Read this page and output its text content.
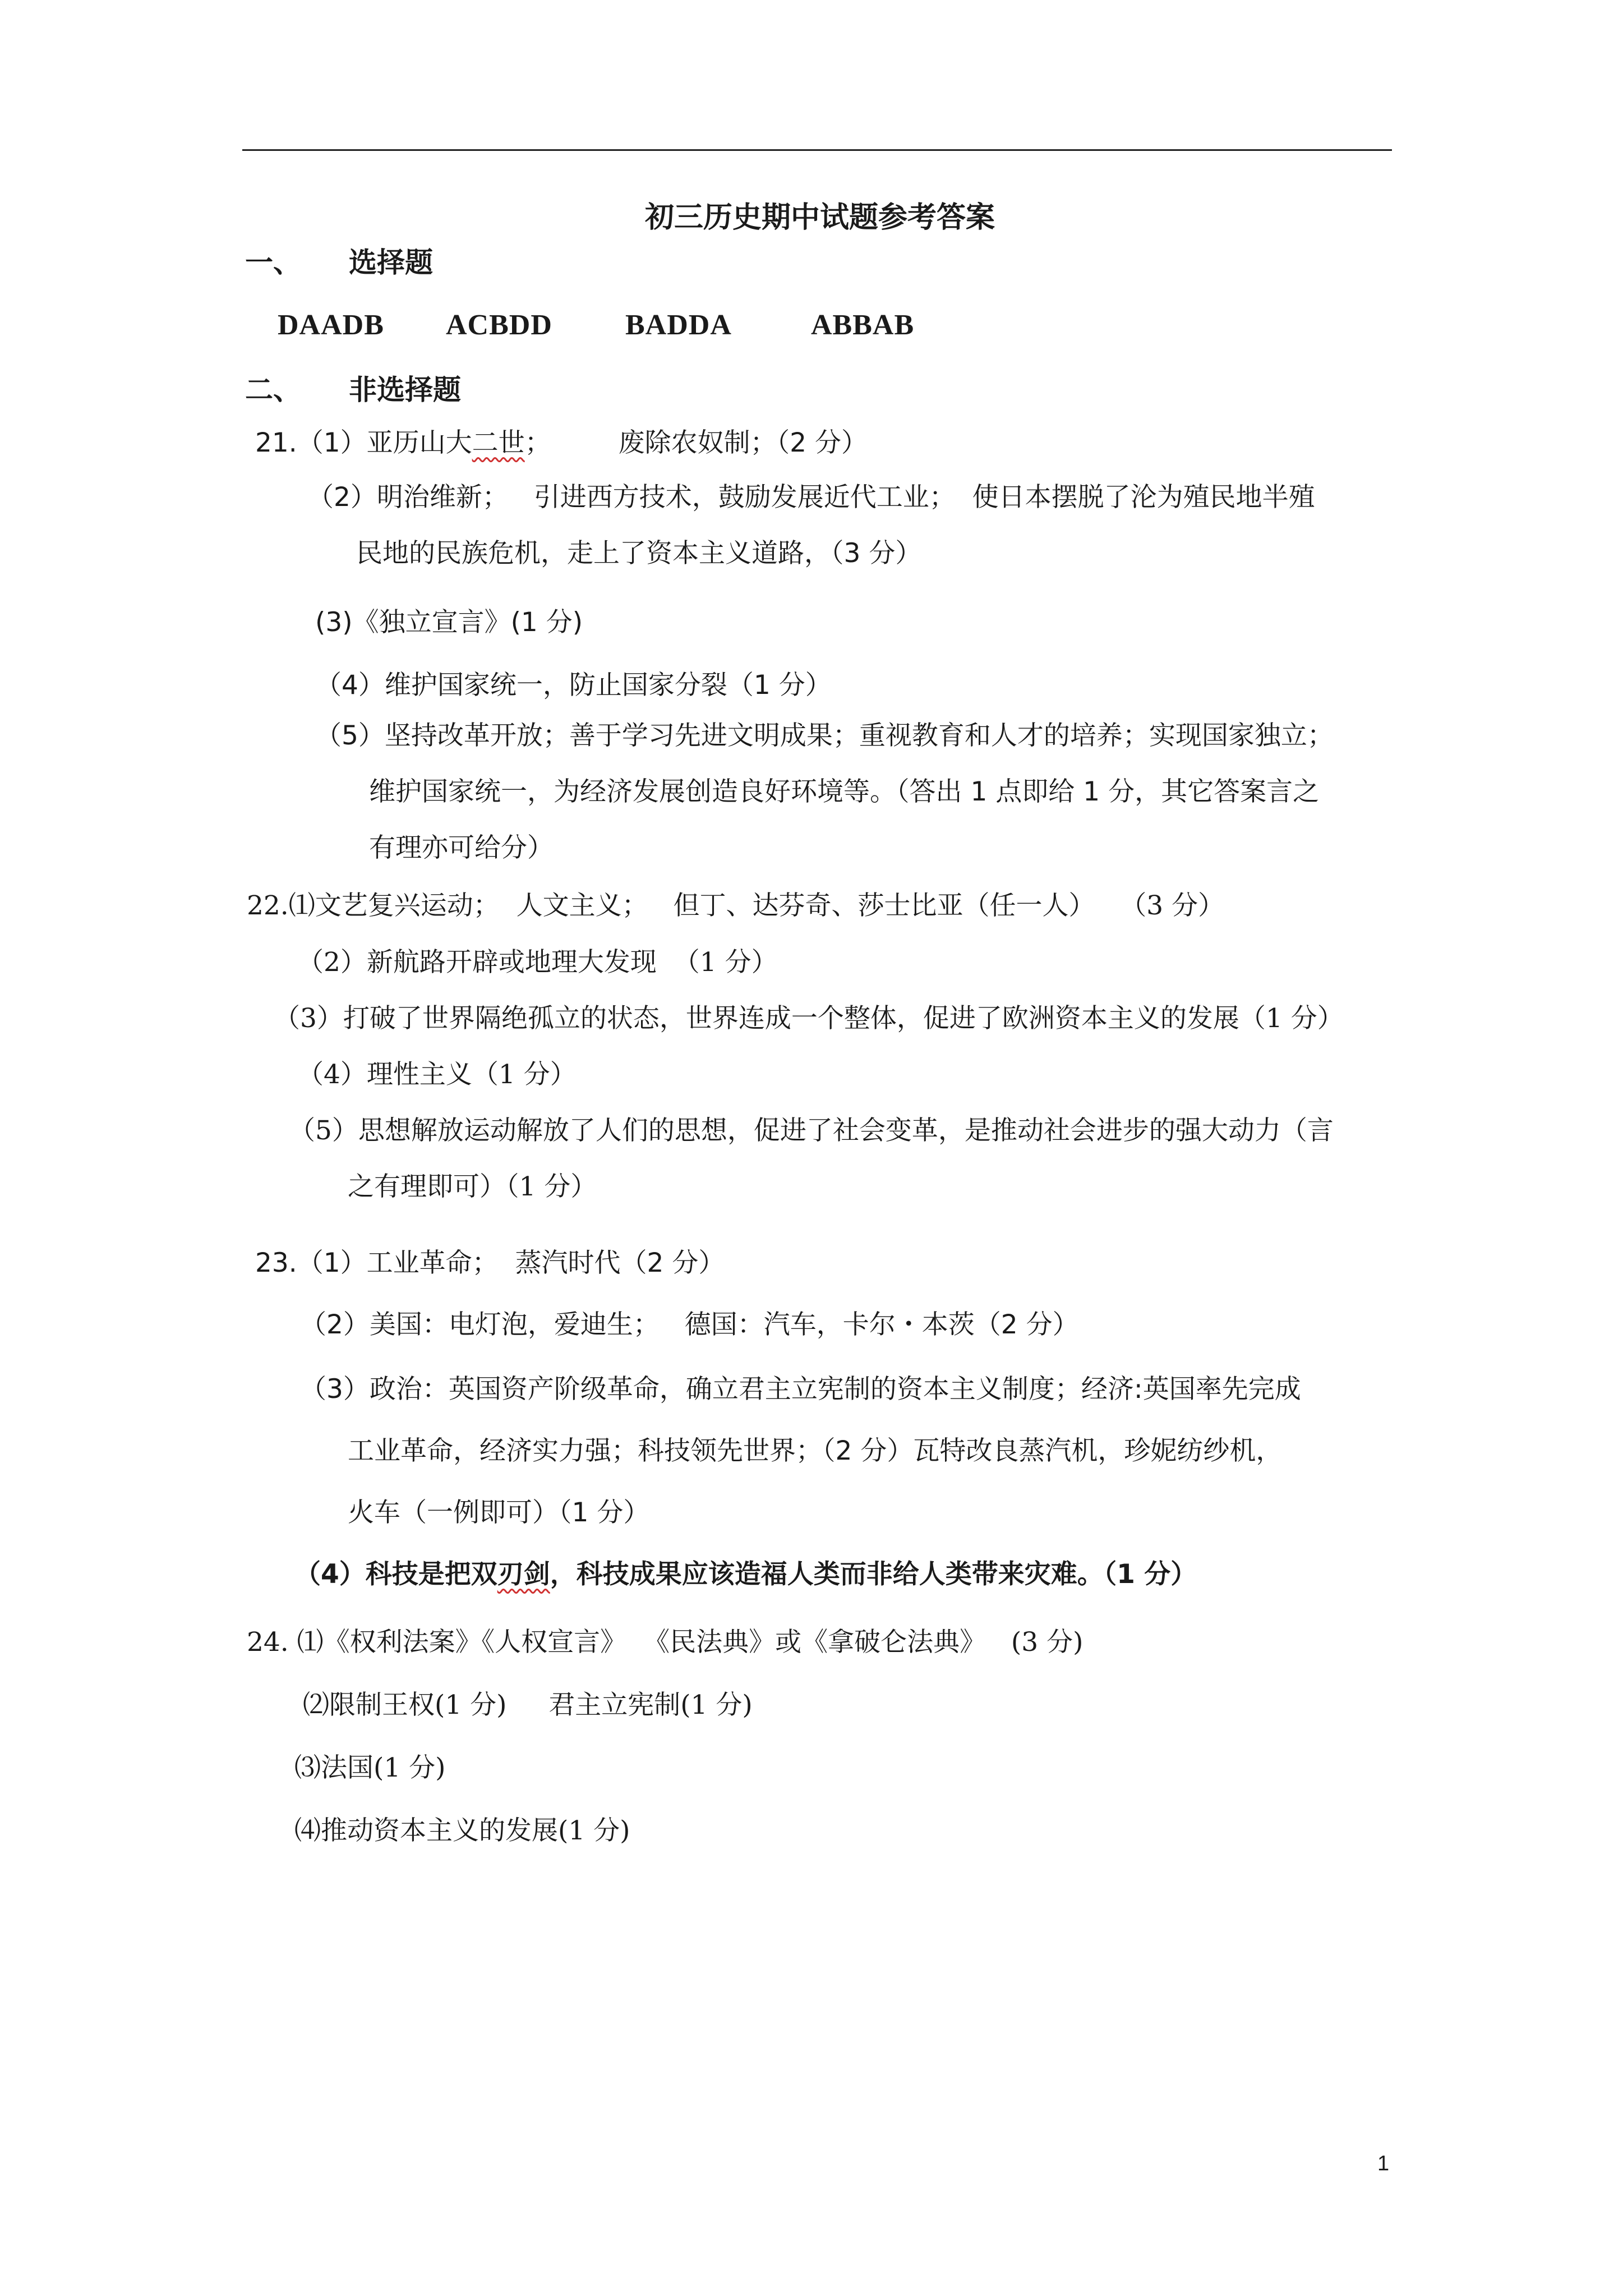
初三历史期中试题参考答案
一、 选择题
DAADB ACBDD	BADDA	ABBAB
二、 非选择题
21.（1）亚历山大二世；	废除农奴制；（2 分）
（2）明治维新；   引进西方技术，鼓励发展近代工业；  使日本摆脱了沦为殖民地半殖
民地的民族危机，走上了资本主义道路，（3 分）
(3)《独立宣言》(1 分)
（4）维护国家统一，防止国家分裂（1 分）
（5）坚持改革开放；善于学习先进文明成果；重视教育和人才的培养；实现国家独立；
维护国家统一，为经济发展创造良好环境等。（答出 1 点即给 1 分，其它答案言之
有理亦可给分）
22.⑴文艺复兴运动；  人文主义；   但丁、达芬奇、莎士比亚（任一人）   （3 分）
（2）新航路开辟或地理大发现  （1 分）
（3）打破了世界隔绝孤立的状态，世界连成一个整体，促进了欧洲资本主义的发展（1 分）
（4）理性主义（1 分）
（5）思想解放运动解放了人们的思想，促进了社会变革，是推动社会进步的强大动力（言
之有理即可）（1 分）
23.（1）工业革命；  蒸汽时代（2 分）
（2）美国：电灯泡，爱迪生；   德国：汽车，卡尔・本茨（2 分）
（3）政治：英国资产阶级革命，确立君主立宪制的资本主义制度；经济:英国率先完成
工业革命，经济实力强；科技领先世界；（2 分）瓦特改良蒸汽机，珍妮纺纱机，
火车（一例即可）（1 分）
（4）科技是把双刃剑，科技成果应该造福人类而非给人类带来灾难。（1 分）
24. ⑴《权利法案》《人权宣言》  《民法典》或《拿破仑法典》   (3 分)
⑵限制王权(1 分)     君主立宪制(1 分)
⑶法国(1 分)
⑷推动资本主义的发展(1 分)
1
